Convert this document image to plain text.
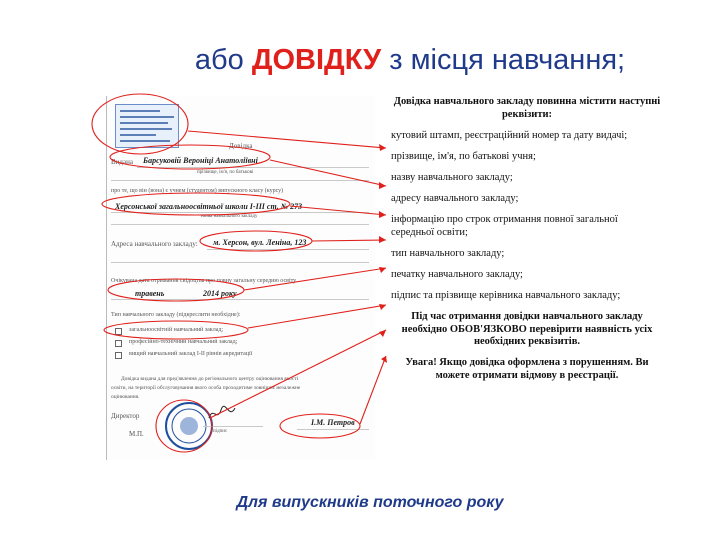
або ДОВІДКУ з місця навчання;
Довідка
Видана Барсуковій Вероніці Анатоліївні
прізвище, ім'я, по батькові
про те, що він (вона) є учнем (студентом) випускного класу (курсу)
Херсонської загальноосвітньої школи І-ІІІ ст. № 273
назва навчального закладу
Адреса навчального закладу: м. Херсон, вул. Леніна, 123
Очікувана дата отримання свідоцтва про повну загальну середню освіту
травень	2014 року
Тип навчального закладу (підкреслити необхідне):
загальноосвітній навчальний заклад;
професійно-технічний навчальний заклад;
вищий навчальний заклад І-ІІ рівнів акредитації
Довідка видана для пред'явлення до регіонального центру оцінювання якості
освіти, на території обслуговування якого особа проходитиме зовнішнє незалежне
оцінювання.
Директор
М.П.	підпис
І.М. Петров

Довідка навчального закладу повинна містити наступні реквізити:

кутовий штамп, реєстраційний номер та дату видачі;

прізвище, ім'я, по батькові учня;

назву навчального закладу;

адресу навчального закладу;

інформацію про строк отримання повної загальної середньої освіти;

тип навчального закладу;

печатку навчального закладу;

підпис та прізвище керівника навчального закладу;

Під час отримання довідки навчального закладу необхідно ОБОВ'ЯЗКОВО перевірити наявність усіх необхідних реквізитів.

Увага! Якщо довідка оформлена з порушенням. Ви можете отримати відмову в реєстрації.

Для випускників поточного року
